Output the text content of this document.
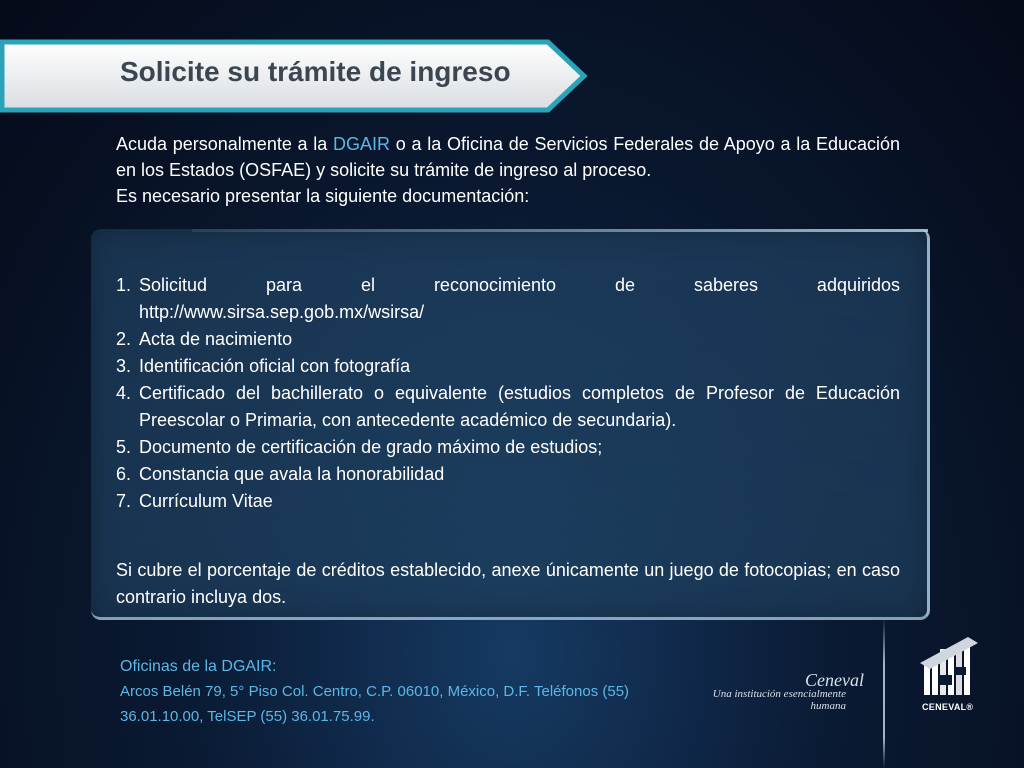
Solicite su trámite de ingreso
Acuda personalmente a la DGAIR o a la Oficina de Servicios Federales de Apoyo a la Educación en los Estados (OSFAE) y solicite su trámite de ingreso al proceso.
Es necesario presentar la siguiente documentación:
1. Solicitud para el reconocimiento de saberes adquiridos
http://www.sirsa.sep.gob.mx/wsirsa/
2. Acta de nacimiento
3. Identificación oficial con fotografía
4. Certificado del bachillerato o equivalente (estudios completos de Profesor de Educación Preescolar o Primaria, con antecedente académico de secundaria).
5. Documento de certificación de grado máximo de estudios;
6. Constancia que avala la honorabilidad
7. Currículum Vitae
Si cubre el porcentaje de créditos establecido, anexe únicamente un juego de fotocopias; en caso contrario incluya dos.
Oficinas de la DGAIR:
Arcos Belén 79, 5° Piso Col. Centro, C.P. 06010, México, D.F. Teléfonos (55) 36.01.10.00, TelSEP (55) 36.01.75.99.
Ceneval
Una institución esencialmente humana	CENEVAL®
